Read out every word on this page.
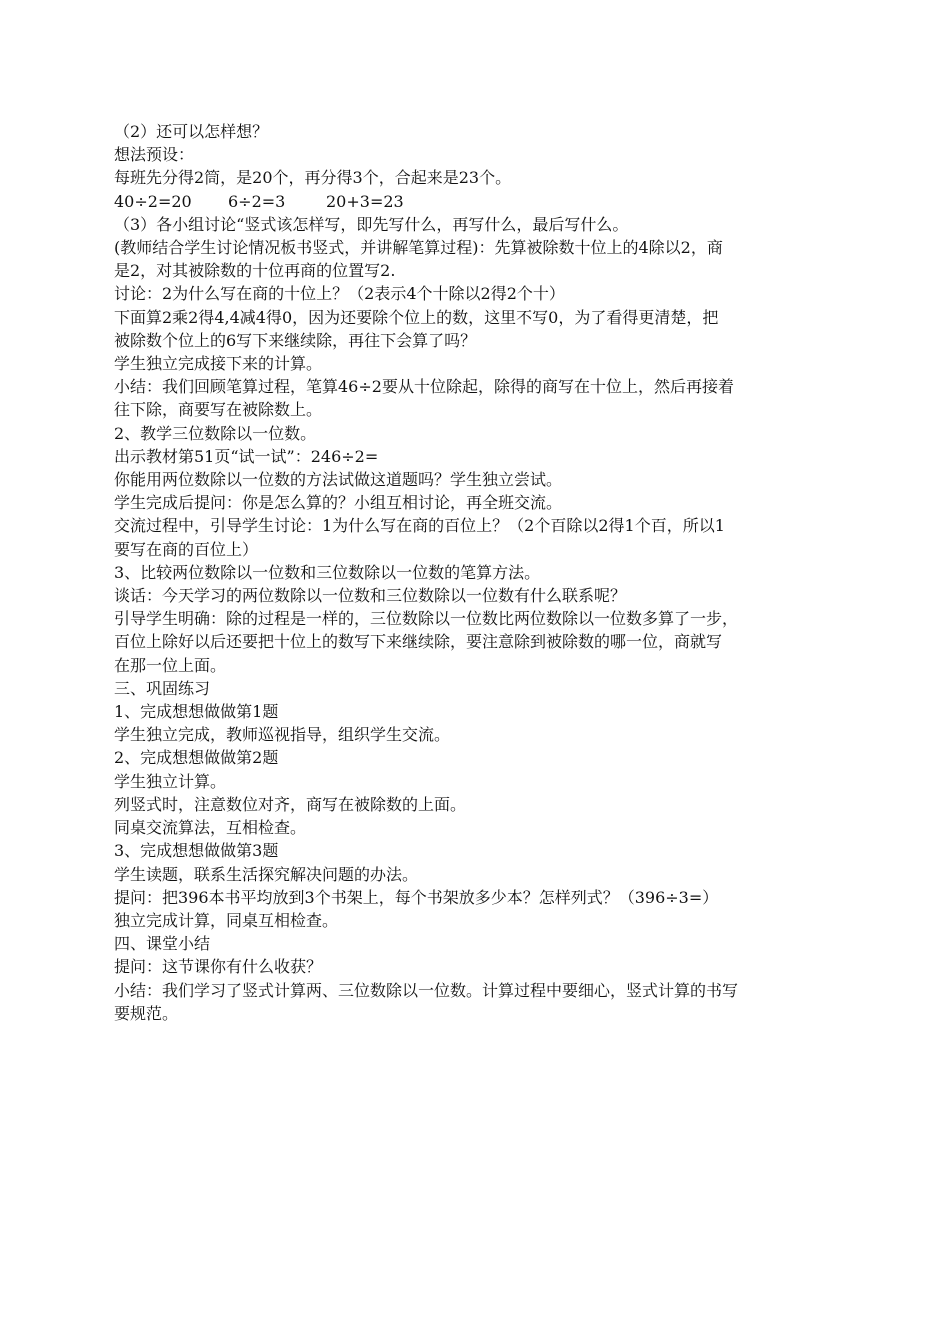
（2）还可以怎样想？
想法预设：
每班先分得2筒，是20个，再分得3个，合起来是23个。
40÷2=20 6÷2=3	20+3=23
（3）各小组讨论“竖式该怎样写，即先写什么，再写什么，最后写什么。
(教师结合学生讨论情况板书竖式，并讲解笔算过程)：先算被除数十位上的4除以2，商
是2，对其被除数的十位再商的位置写2.
讨论：2为什么写在商的十位上？（2表示4个十除以2得2个十）
下面算2乘2得4,4减4得0，因为还要除个位上的数，这里不写0，为了看得更清楚，把
被除数个位上的6写下来继续除，再往下会算了吗？
学生独立完成接下来的计算。
小结：我们回顾笔算过程，笔算46÷2要从十位除起，除得的商写在十位上，然后再接着
往下除，商要写在被除数上。
2、教学三位数除以一位数。
出示教材第51页“试一试”：246÷2=
你能用两位数除以一位数的方法试做这道题吗？学生独立尝试。
学生完成后提问：你是怎么算的？小组互相讨论，再全班交流。
交流过程中，引导学生讨论：1为什么写在商的百位上？（2个百除以2得1个百，所以1
要写在商的百位上）
3、比较两位数除以一位数和三位数除以一位数的笔算方法。
谈话：今天学习的两位数除以一位数和三位数除以一位数有什么联系呢？
引导学生明确：除的过程是一样的，三位数除以一位数比两位数除以一位数多算了一步，
百位上除好以后还要把十位上的数写下来继续除，要注意除到被除数的哪一位，商就写
在那一位上面。
三、巩固练习
1、完成想想做做第1题
学生独立完成，教师巡视指导，组织学生交流。
2、完成想想做做第2题
学生独立计算。
列竖式时，注意数位对齐，商写在被除数的上面。
同桌交流算法，互相检查。
3、完成想想做做第3题
学生读题，联系生活探究解决问题的办法。
提问：把396本书平均放到3个书架上，每个书架放多少本？怎样列式？（396÷3=）
独立完成计算，同桌互相检查。
四、课堂小结
提问：这节课你有什么收获？
小结：我们学习了竖式计算两、三位数除以一位数。计算过程中要细心，竖式计算的书写
要规范。
